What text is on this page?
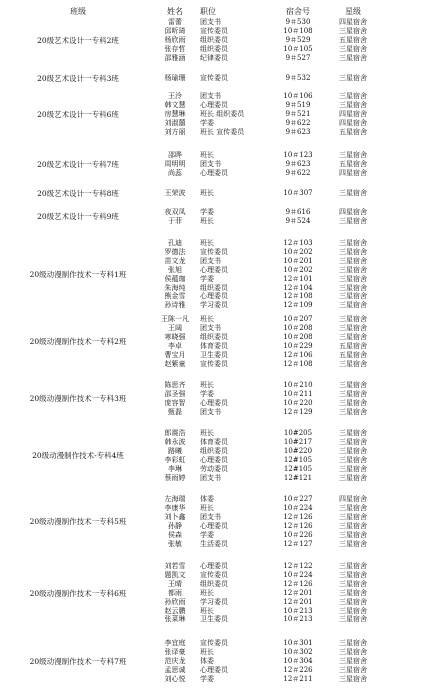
班级	姓名	职位	宿舍号	星级
20级艺术设计一专科2班
雷蕾	团支书	9＃530	四星宿舍
邱昕琦	宣传委员	10＃108	三星宿舍
杨欣雨	组织委员	9＃529	五星宿舍
张存哲	组织委员	10＃105	三星宿舍
邵雅涵	纪律委员	9＃527	三星宿舍
20级艺术设计一专科3班	杨瑜珊	宣传委员	9＃532	三星宿舍
20级艺术设计一专科6班
王泠	团支书	10＃106	三星宿舍
韩文慧	心理委员	9＃519	三星宿舍
房慧琳	班长 组织委员	9＃521	四星宿舍
刘淑囍	学委	9＃622	四星宿舍
刘方丽	班长 宣传委员	9＃623	五星宿舍
20级艺术设计一专科7班
邵晔	班长	10＃123	三星宿舍
周明明	团支书	9＃623	五星宿舍
尚蕊	心理委员	9＃622	四星宿舍
20级艺术设计一专科8班	王荣波	班长	10＃307	三星宿舍
20级艺术设计一专科9班
夜双凤	学委	9＃616	四星宿舍
于菲	班长	9＃524	三星宿舍
20级动漫制作技术一专科1班
孔迪	班长	12＃103	三星宿舍
罗德法	宣传委员	10＃202	三星宿舍
苗文龙	团支书	10＃201	三星宿舍
张旭	心理委员	10＃202	三星宿舍
侯蕴珈	学委	12＃101	三星宿舍
朱海纯	组织委员	12＃104	三星宿舍
熊金雪	心理委员	12＃108	三星宿舍
孙诗雅	学习委员	12＃109	三星宿舍
20级动漫制作技术一专科2班
王陈一凡	班长	10＃207	三星宿舍
王阔	团支书	10＃208	三星宿舍
寒晓强	组织委员	10＃208	三星宿舍
李卓	体育委员	10＃229	五星宿舍
曹宝月	卫生委员	12＃106	五星宿舍
赵紫童	宣传委员	12＃108	三星宿舍
20级动漫制作技术一专科3班
陈思齐	班长	10＃210	三星宿舍
邵圣强	学委	10＃211	三星宿舍
庞容智	心理委员	10＃220	三星宿舍
甄磊	团支书	12＃129	三星宿舍
20级动漫制作技术-专科4班
郎震浩	班长	10#205	三星宿舍
韩永波	体育委员	10#217	三星宿舍
路曦	组织委员	10#220	三星宿舍
李彩虹	心理委员	12#105	三星宿舍
李琳	劳动委员	12#105	三星宿舍
蔡雨婷	团支书	12#121	三星宿舍
20级动漫制作技术一专科5班
左海瑞	体委	10＃227	四星宿舍
李康华	班长	10＃224	三星宿舍
刘卜鑫	团支书	12＃126	三星宿舍
孙静	心理委员	12＃126	三星宿舍
侯森	学委	10＃226	三星宿舍
张敏	生活委员	12＃127	三星宿舍
20级动漫制作技术一专科6班
刘若雪	心理委员	12＃122	三星宿舍
题凯文	宣传委员	10＃224	三星宿舍
王晴	组织委员	12＃126	三星宿舍
都雨	班长	12＃201	三星宿舍
孙欣雨	学习委员	12＃201	三星宿舍
赵云鹏	班长	10＃213	三星宿舍
张菜琳	卫生委员	10＃213	三星宿舍
20级动漫制作技术一专科7班
李宜庭	宣传委员	10＃301	三星宿舍
张译豪	班长	10＃302	三星宿舍
范庆龙	体委	10＃304	三星宿舍
孟思诚	心理委员	12＃226	三星宿舍
刘心悦	学委	12＃211	三星宿舍
